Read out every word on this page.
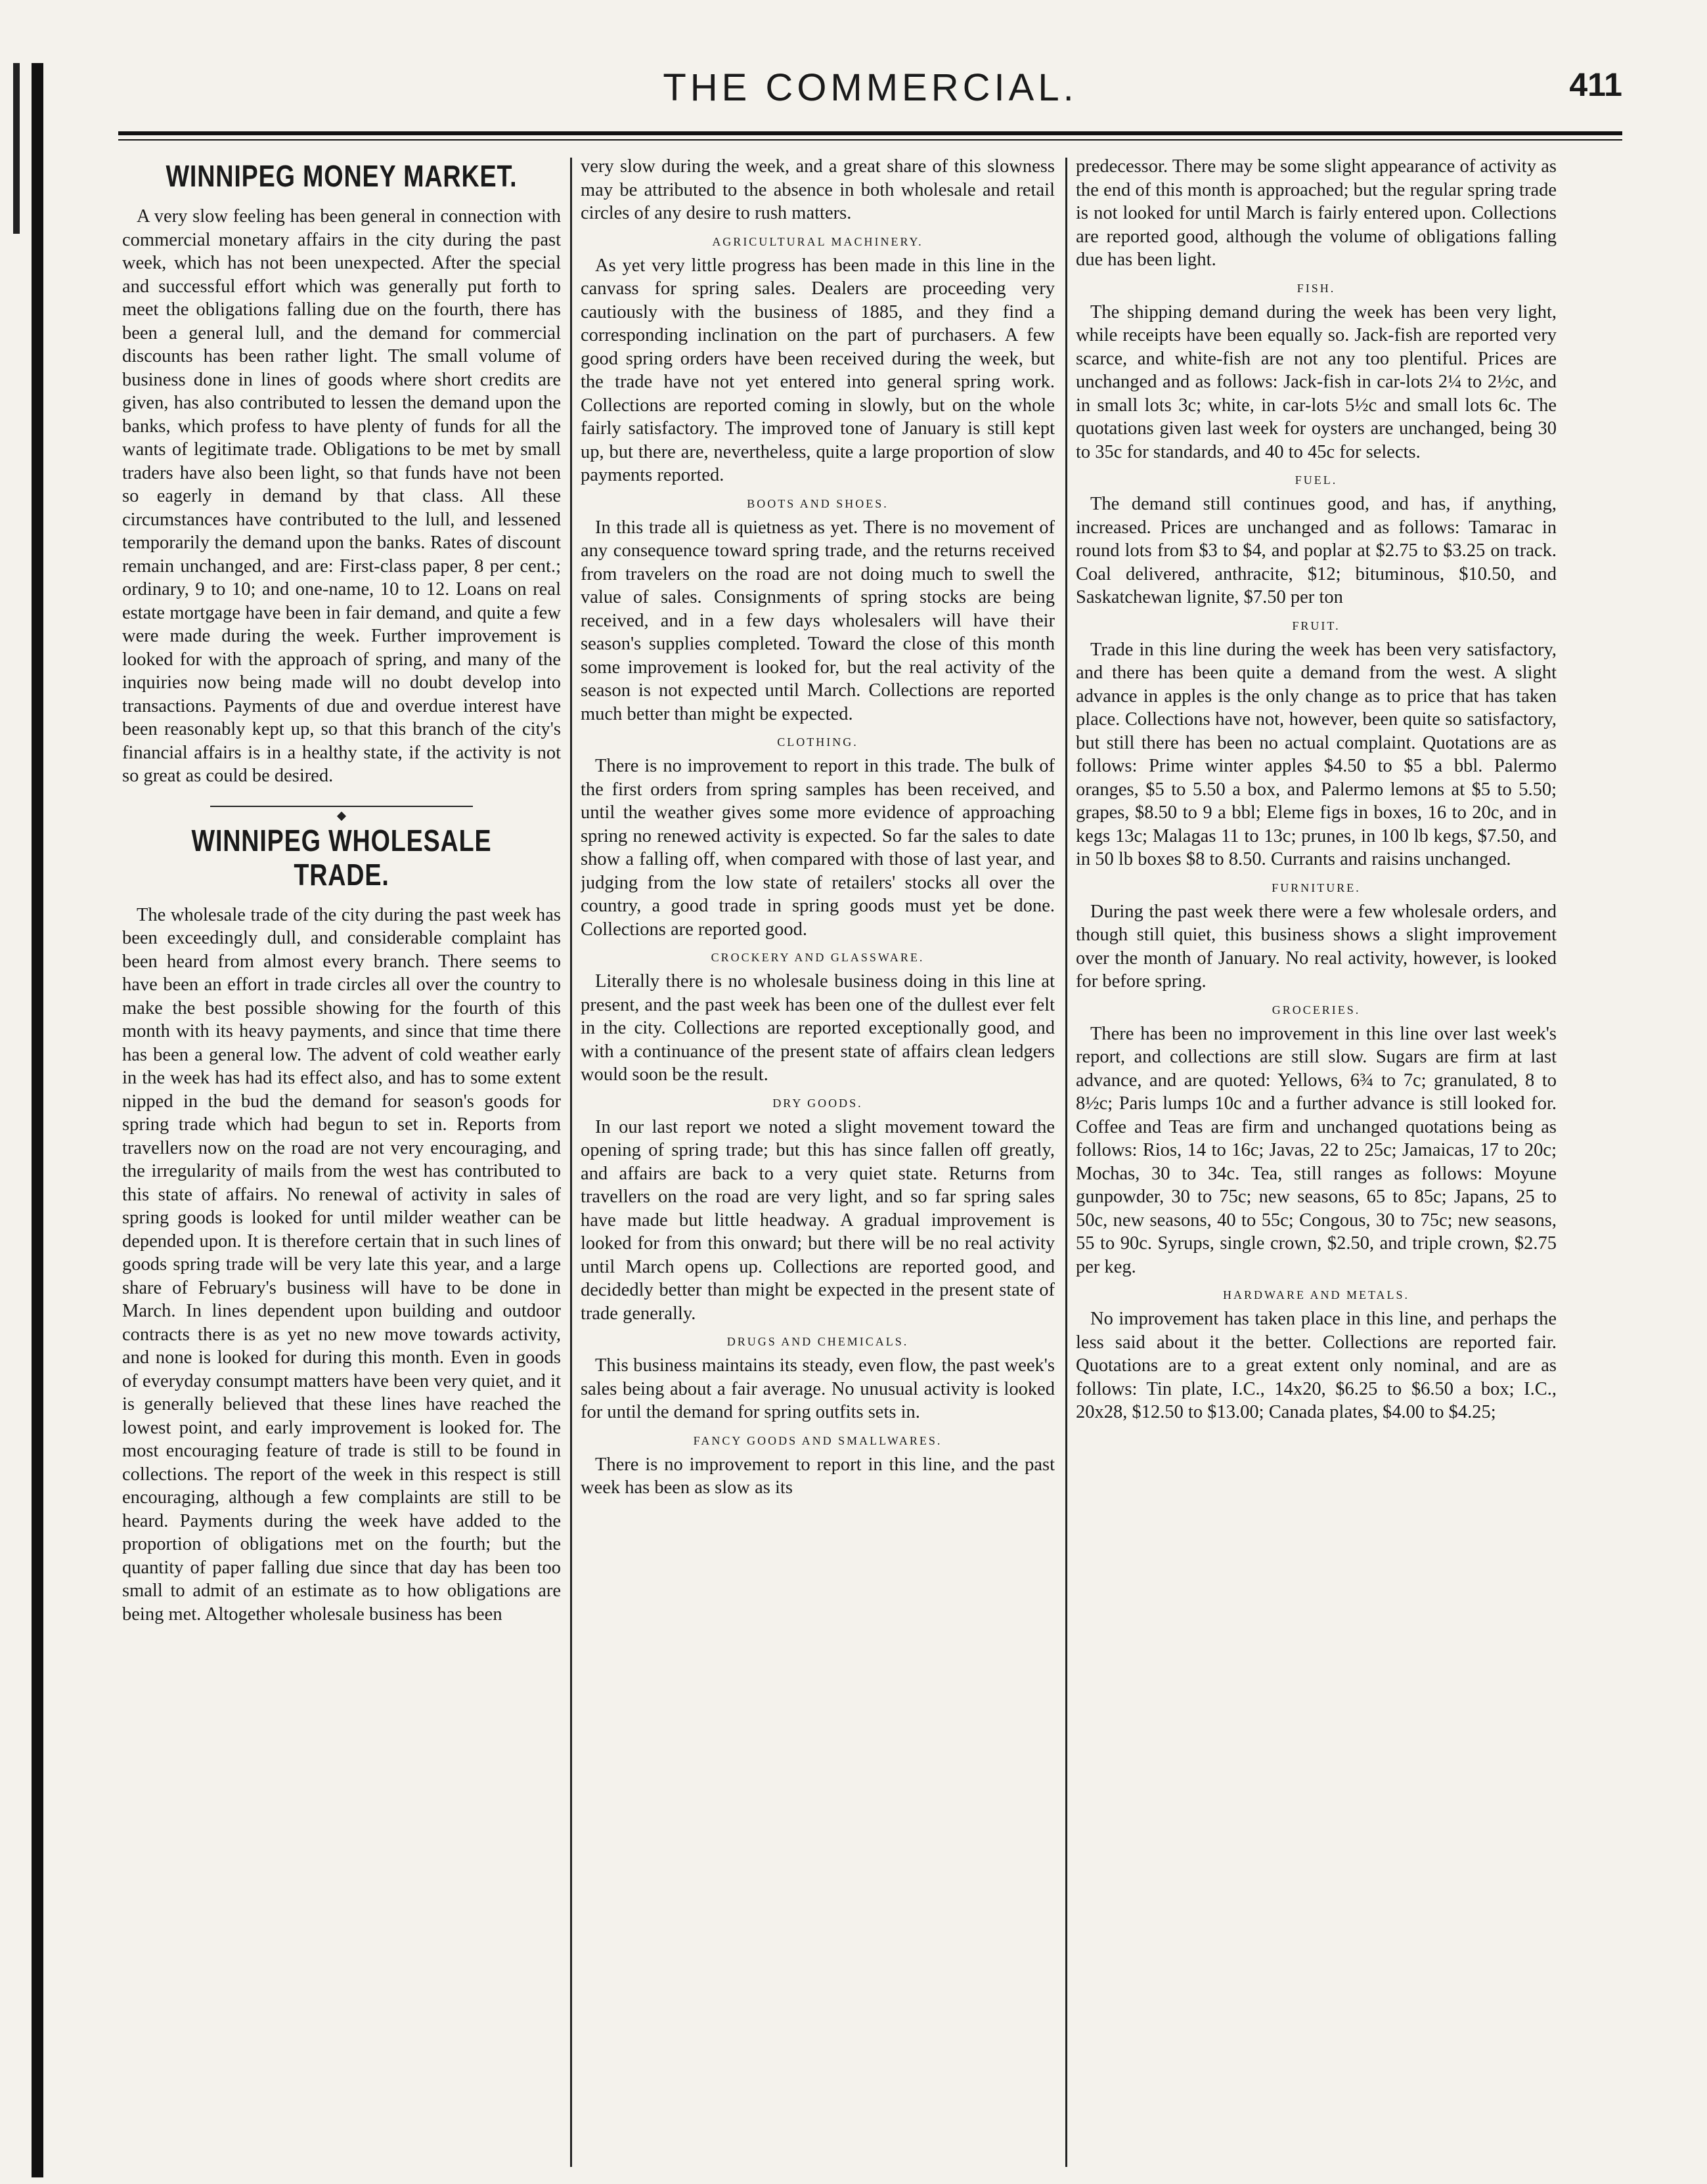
THE COMMERCIAL.	411
WINNIPEG MONEY MARKET.

A very slow feeling has been general in connection with commercial monetary affairs in the city during the past week, which has not been unexpected. After the special and successful effort which was generally put forth to meet the obligations falling due on the fourth, there has been a general lull, and the demand for commercial discounts has been rather light. The small volume of business done in lines of goods where short credits are given, has also contributed to lessen the demand upon the banks, which profess to have plenty of funds for all the wants of legitimate trade. Obligations to be met by small traders have also been light, so that funds have not been so eagerly in demand by that class. All these circumstances have contributed to the lull, and lessened temporarily the demand upon the banks. Rates of discount remain unchanged, and are: First-class paper, 8 per cent.; ordinary, 9 to 10; and one-name, 10 to 12. Loans on real estate mortgage have been in fair demand, and quite a few were made during the week. Further improvement is looked for with the approach of spring, and many of the inquiries now being made will no doubt develop into transactions. Payments of due and overdue interest have been reasonably kept up, so that this branch of the city's financial affairs is in a healthy state, if the activity is not so great as could be desired.

WINNIPEG WHOLESALE TRADE.

The wholesale trade of the city during the past week has been exceedingly dull, and considerable complaint has been heard from almost every branch. There seems to have been an effort in trade circles all over the country to make the best possible showing for the fourth of this month with its heavy payments, and since that time there has been a general low. The advent of cold weather early in the week has had its effect also, and has to some extent nipped in the bud the demand for season's goods for spring trade which had begun to set in. Reports from travellers now on the road are not very encouraging, and the irregularity of mails from the west has contributed to this state of affairs. No renewal of activity in sales of spring goods is looked for until milder weather can be depended upon. It is therefore certain that in such lines of goods spring trade will be very late this year, and a large share of February's business will have to be done in March. In lines dependent upon building and outdoor contracts there is as yet no new move towards activity, and none is looked for during this month. Even in goods of everyday consumpt matters have been very quiet, and it is generally believed that these lines have reached the lowest point, and early improvement is looked for. The most encouraging feature of trade is still to be found in collections. The report of the week in this respect is still encouraging, although a few complaints are still to be heard. Payments during the week have added to the proportion of obligations met on the fourth; but the quantity of paper falling due since that day has been too small to admit of an estimate as to how obligations are being met. Altogether wholesale business has been

very slow during the week, and a great share of this slowness may be attributed to the absence in both wholesale and retail circles of any desire to rush matters.

AGRICULTURAL MACHINERY.

As yet very little progress has been made in this line in the canvass for spring sales. Dealers are proceeding very cautiously with the business of 1885, and they find a corresponding inclination on the part of purchasers. A few good spring orders have been received during the week, but the trade have not yet entered into general spring work. Collections are reported coming in slowly, but on the whole fairly satisfactory. The improved tone of January is still kept up, but there are, nevertheless, quite a large proportion of slow payments reported.

BOOTS AND SHOES.

In this trade all is quietness as yet. There is no movement of any consequence toward spring trade, and the returns received from travelers on the road are not doing much to swell the value of sales. Consignments of spring stocks are being received, and in a few days wholesalers will have their season's supplies completed. Toward the close of this month some improvement is looked for, but the real activity of the season is not expected until March. Collections are reported much better than might be expected.

CLOTHING.

There is no improvement to report in this trade. The bulk of the first orders from spring samples has been received, and until the weather gives some more evidence of approaching spring no renewed activity is expected. So far the sales to date show a falling off, when compared with those of last year, and judging from the low state of retailers' stocks all over the country, a good trade in spring goods must yet be done. Collections are reported good.

CROCKERY AND GLASSWARE.

Literally there is no wholesale business doing in this line at present, and the past week has been one of the dullest ever felt in the city. Collections are reported exceptionally good, and with a continuance of the present state of affairs clean ledgers would soon be the result.

DRY GOODS.

In our last report we noted a slight movement toward the opening of spring trade; but this has since fallen off greatly, and affairs are back to a very quiet state. Returns from travellers on the road are very light, and so far spring sales have made but little headway. A gradual improvement is looked for from this onward; but there will be no real activity until March opens up. Collections are reported good, and decidedly better than might be expected in the present state of trade generally.

DRUGS AND CHEMICALS.

This business maintains its steady, even flow, the past week's sales being about a fair average. No unusual activity is looked for until the demand for spring outfits sets in.

FANCY GOODS AND SMALLWARES.

There is no improvement to report in this line, and the past week has been as slow as its

predecessor. There may be some slight appearance of activity as the end of this month is approached; but the regular spring trade is not looked for until March is fairly entered upon. Collections are reported good, although the volume of obligations falling due has been light.

FISH.

The shipping demand during the week has been very light, while receipts have been equally so. Jack-fish are reported very scarce, and white-fish are not any too plentiful. Prices are unchanged and as follows: Jack-fish in car-lots 2¼ to 2½c, and in small lots 3c; white, in car-lots 5½c and small lots 6c. The quotations given last week for oysters are unchanged, being 30 to 35c for standards, and 40 to 45c for selects.

FUEL.

The demand still continues good, and has, if anything, increased. Prices are unchanged and as follows: Tamarac in round lots from $3 to $4, and poplar at $2.75 to $3.25 on track. Coal delivered, anthracite, $12; bituminous, $10.50, and Saskatchewan lignite, $7.50 per ton

FRUIT.

Trade in this line during the week has been very satisfactory, and there has been quite a demand from the west. A slight advance in apples is the only change as to price that has taken place. Collections have not, however, been quite so satisfactory, but still there has been no actual complaint. Quotations are as follows: Prime winter apples $4.50 to $5 a bbl. Palermo oranges, $5 to 5.50 a box, and Palermo lemons at $5 to 5.50; grapes, $8.50 to 9 a bbl; Eleme figs in boxes, 16 to 20c, and in kegs 13c; Malagas 11 to 13c; prunes, in 100 lb kegs, $7.50, and in 50 lb boxes $8 to 8.50. Currants and raisins unchanged.

FURNITURE.

During the past week there were a few wholesale orders, and though still quiet, this business shows a slight improvement over the month of January. No real activity, however, is looked for before spring.

GROCERIES.

There has been no improvement in this line over last week's report, and collections are still slow. Sugars are firm at last advance, and are quoted: Yellows, 6¾ to 7c; granulated, 8 to 8½c; Paris lumps 10c and a further advance is still looked for. Coffee and Teas are firm and unchanged quotations being as follows: Rios, 14 to 16c; Javas, 22 to 25c; Jamaicas, 17 to 20c; Mochas, 30 to 34c. Tea, still ranges as follows: Moyune gunpowder, 30 to 75c; new seasons, 65 to 85c; Japans, 25 to 50c, new seasons, 40 to 55c; Congous, 30 to 75c; new seasons, 55 to 90c. Syrups, single crown, $2.50, and triple crown, $2.75 per keg.

HARDWARE AND METALS.

No improvement has taken place in this line, and perhaps the less said about it the better. Collections are reported fair. Quotations are to a great extent only nominal, and are as follows: Tin plate, I.C., 14x20, $6.25 to $6.50 a box; I.C., 20x28, $12.50 to $13.00; Canada plates, $4.00 to $4.25;
